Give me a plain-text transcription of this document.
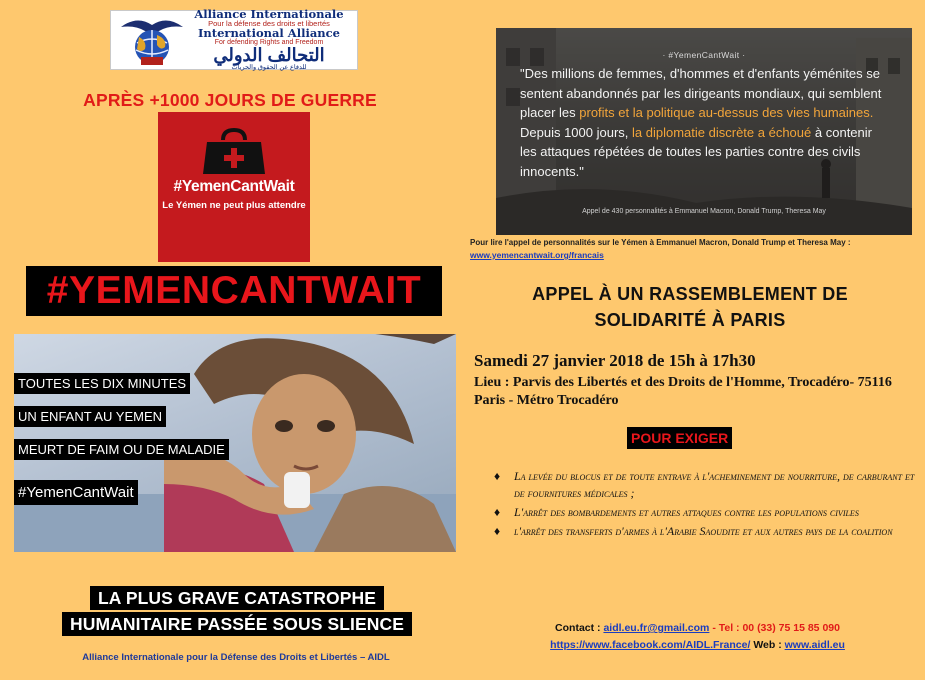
Alliance Internationale
Pour la défense des droits et libertés
International Alliance
For defending Rights and Freedom
التحالف الدولي
للدفاع عن الحقوق والحريات
APRÈS +1000 JOURS DE GUERRE
#YemenCantWait
Le Yémen ne peut plus attendre
#YEMENCANTWAIT
TOUTES LES DIX MINUTES
UN ENFANT AU YEMEN
MEURT DE FAIM OU DE MALADIE
#YemenCantWait
LA PLUS GRAVE CATASTROPHE
HUMANITAIRE PASSÉE SOUS SLIENCE
Alliance Internationale pour la Défense des Droits et Libertés – AIDL
· #YemenCantWait ·
"Des millions de femmes, d'hommes et d'enfants yéménites se sentent abandonnés par les dirigeants mondiaux, qui semblent placer les profits et la politique au-dessus des vies humaines. Depuis 1000 jours, la diplomatie discrète a échoué à contenir les attaques répétées de toutes les parties contre des civils innocents."
Appel de 430 personnalités à Emmanuel Macron, Donald Trump, Theresa May
Pour lire l'appel de personnalités sur le Yémen à Emmanuel Macron, Donald Trump et Theresa May :
www.yemencantwait.org/francais
APPEL À UN RASSEMBLEMENT DE
SOLIDARITÉ À PARIS
Samedi 27 janvier 2018 de 15h à 17h30
Lieu : Parvis des Libertés et des Droits de l'Homme, Trocadéro- 75116 Paris - Métro Trocadéro
POUR EXIGER
♦	La levée du blocus et de toute entrave à l'acheminement de nourriture, de carburant et de fournitures médicales ;
♦	L'arrêt des bombardements et autres attaques contre les populations civiles
♦	l'arrêt des transferts d'armes à l'Arabie Saoudite et aux autres pays de la coalition
Contact : aidl.eu.fr@gmail.com - Tel : 00 (33) 75 15 85 090
https://www.facebook.com/AIDL.France/ Web : www.aidl.eu
